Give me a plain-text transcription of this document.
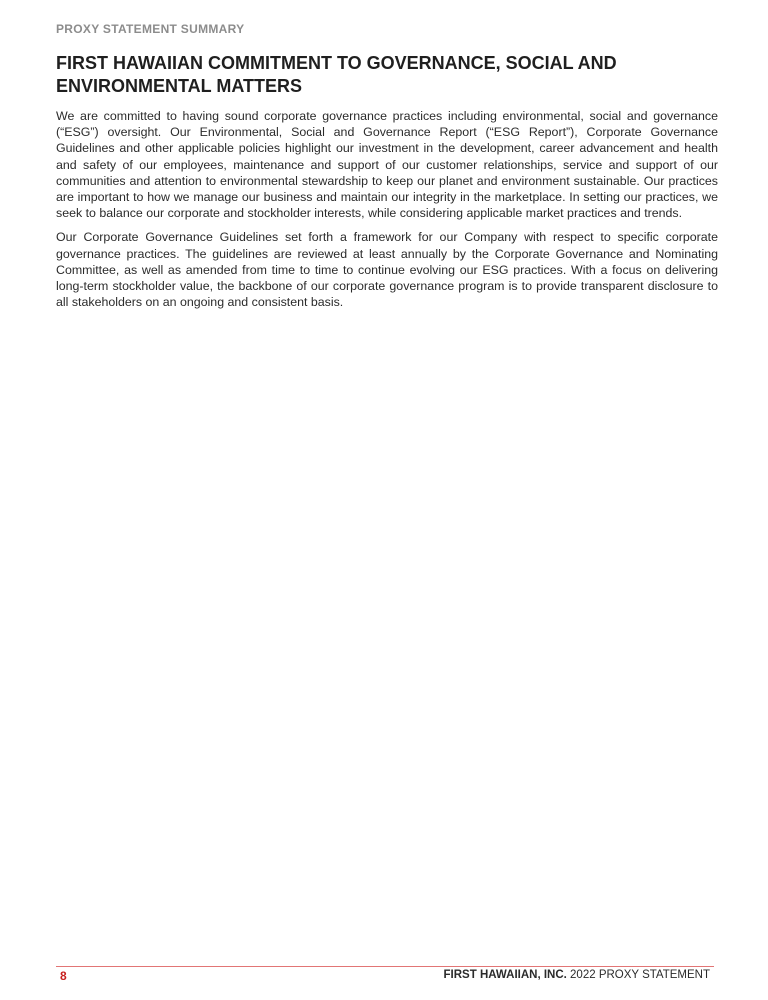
PROXY STATEMENT SUMMARY
FIRST HAWAIIAN COMMITMENT TO GOVERNANCE, SOCIAL AND ENVIRONMENTAL MATTERS

We are committed to having sound corporate governance practices including environmental, social and governance (“ESG”) oversight. Our Environmental, Social and Governance Report (“ESG Report”), Corporate Governance Guidelines and other applicable policies highlight our investment in the development, career advancement and health and safety of our employees, maintenance and support of our customer relationships, service and support of our communities and attention to environmental stewardship to keep our planet and environment sustainable. Our practices are important to how we manage our business and maintain our integrity in the marketplace. In setting our practices, we seek to balance our corporate and stockholder interests, while considering applicable market practices and trends.

Our Corporate Governance Guidelines set forth a framework for our Company with respect to specific corporate governance practices. The guidelines are reviewed at least annually by the Corporate Governance and Nominating Committee, as well as amended from time to time to continue evolving our ESG practices. With a focus on delivering long-term stockholder value, the backbone of our corporate governance program is to provide transparent disclosure to all stakeholders on an ongoing and consistent basis.

8	FIRST HAWAIIAN, INC. 2022 PROXY STATEMENT
